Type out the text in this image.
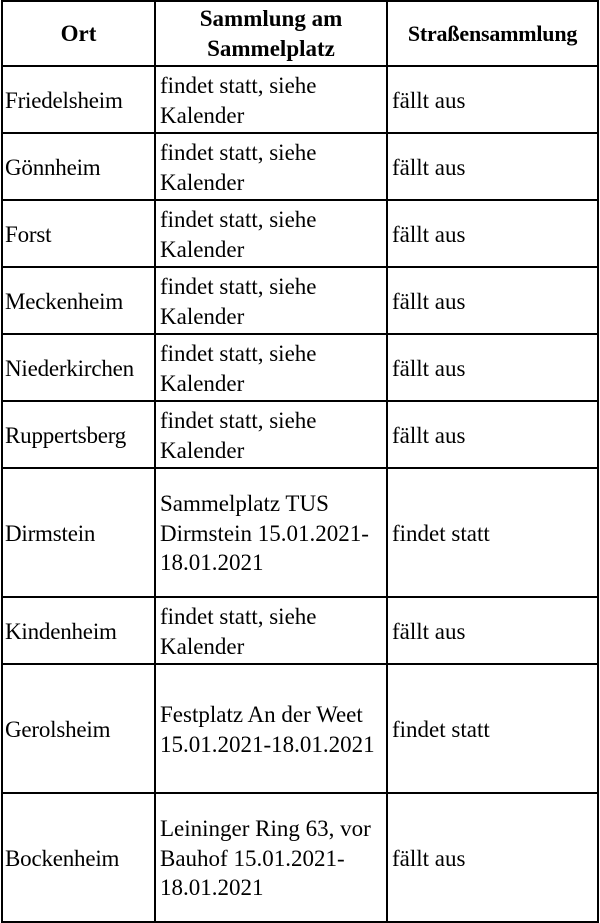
Ort	Sammlung am Sammelplatz	Straßensammlung
Friedelsheim	findet statt, siehe Kalender	fällt aus
Gönnheim	findet statt, siehe Kalender	fällt aus
Forst	findet statt, siehe Kalender	fällt aus
Meckenheim	findet statt, siehe Kalender	fällt aus
Niederkirchen	findet statt, siehe Kalender	fällt aus
Ruppertsberg	findet statt, siehe Kalender	fällt aus
Dirmstein	Sammelplatz TUS Dirmstein 15.01.2021-18.01.2021	findet statt
Kindenheim	findet statt, siehe Kalender	fällt aus
Gerolsheim	Festplatz An der Weet 15.01.2021-18.01.2021	findet statt
Bockenheim	Leininger Ring 63, vor Bauhof 15.01.2021-18.01.2021	fällt aus
